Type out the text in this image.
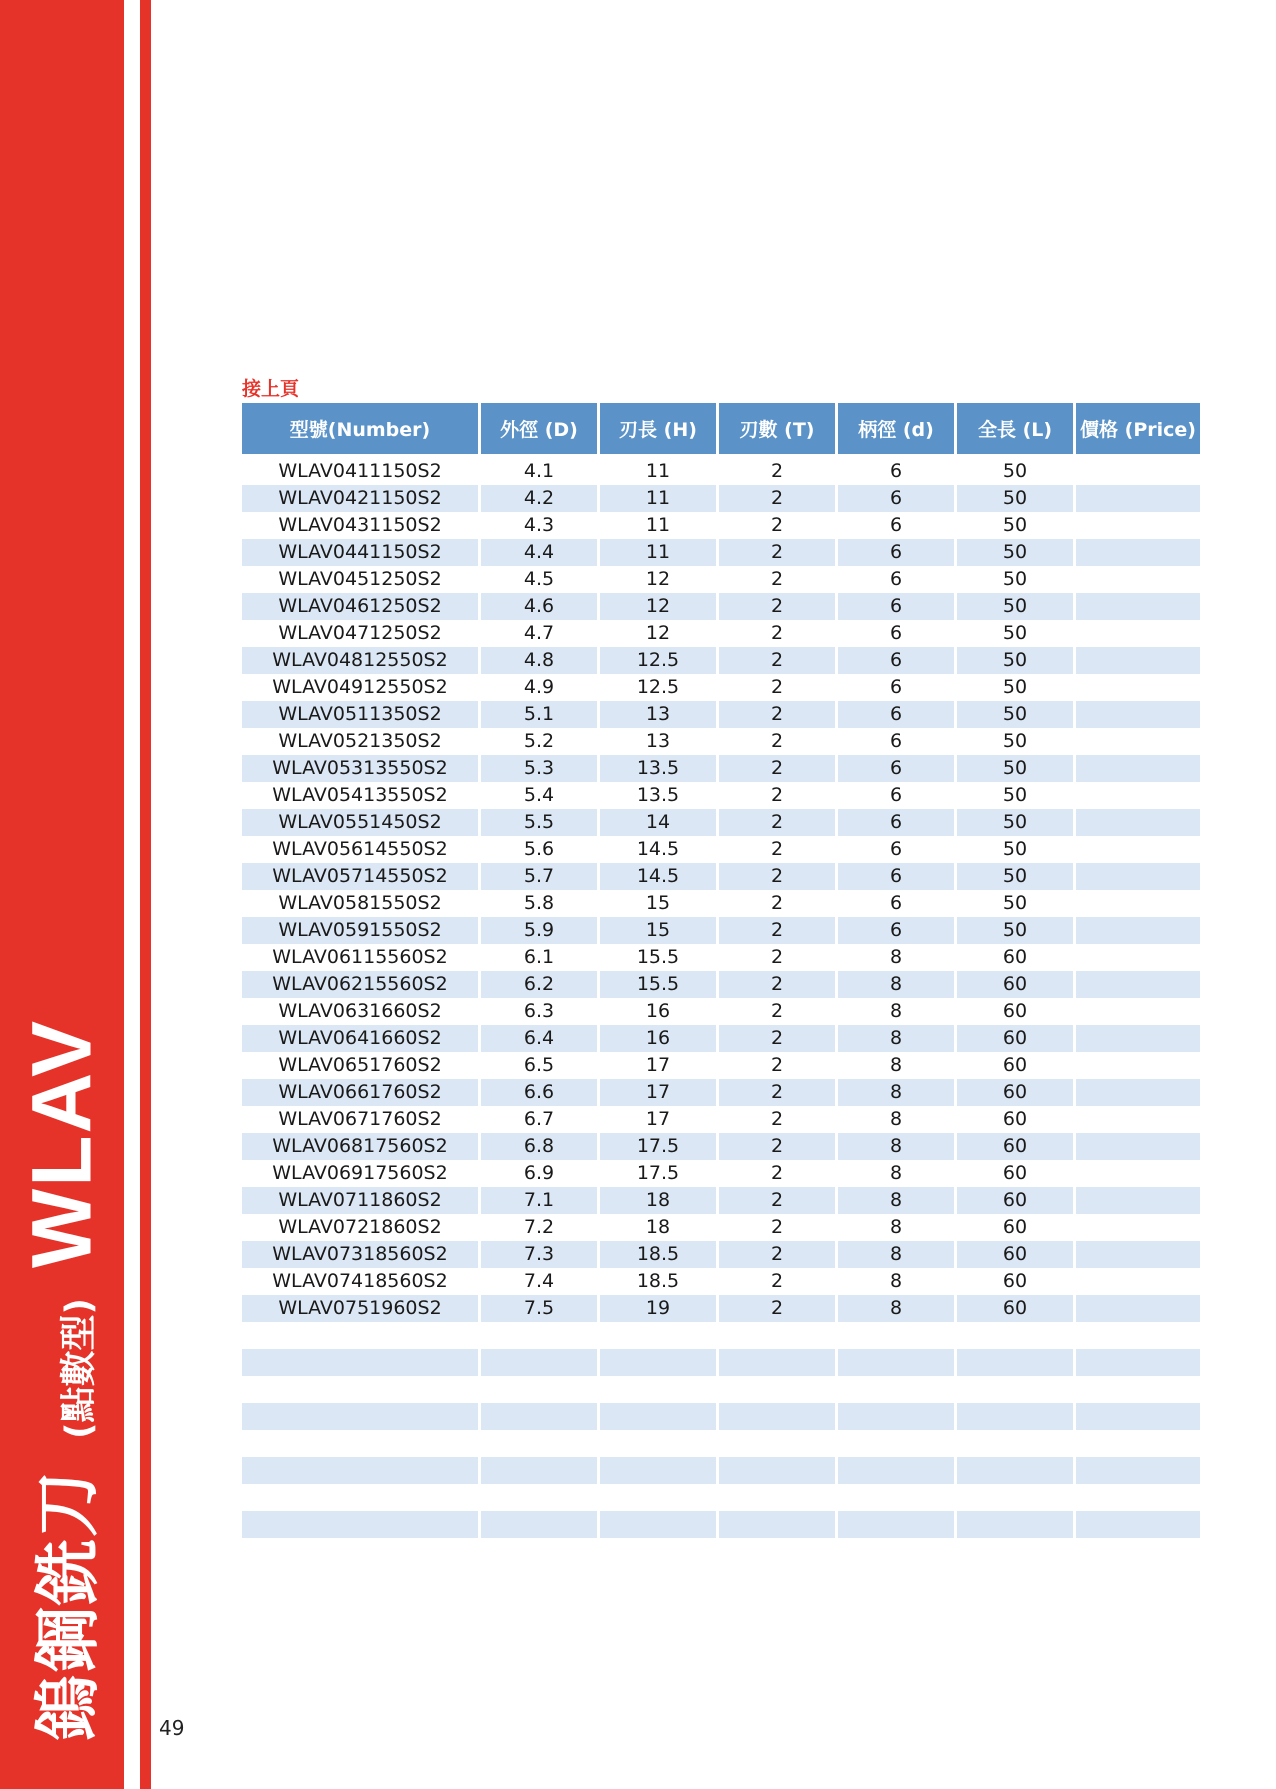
鎢鋼銑刀
(點數型)
WLAV
接上頁
型號(Number)	外徑 (D)	刃長 (H)	刃數 (T)	柄徑 (d)	全長 (L)	價格 (Price)
WLAV0411150S2	4.1	11	2	6	50	
WLAV0421150S2	4.2	11	2	6	50	
WLAV0431150S2	4.3	11	2	6	50	
WLAV0441150S2	4.4	11	2	6	50	
WLAV0451250S2	4.5	12	2	6	50	
WLAV0461250S2	4.6	12	2	6	50	
WLAV0471250S2	4.7	12	2	6	50	
WLAV04812550S2	4.8	12.5	2	6	50	
WLAV04912550S2	4.9	12.5	2	6	50	
WLAV0511350S2	5.1	13	2	6	50	
WLAV0521350S2	5.2	13	2	6	50	
WLAV05313550S2	5.3	13.5	2	6	50	
WLAV05413550S2	5.4	13.5	2	6	50	
WLAV0551450S2	5.5	14	2	6	50	
WLAV05614550S2	5.6	14.5	2	6	50	
WLAV05714550S2	5.7	14.5	2	6	50	
WLAV0581550S2	5.8	15	2	6	50	
WLAV0591550S2	5.9	15	2	6	50	
WLAV06115560S2	6.1	15.5	2	8	60	
WLAV06215560S2	6.2	15.5	2	8	60	
WLAV0631660S2	6.3	16	2	8	60	
WLAV0641660S2	6.4	16	2	8	60	
WLAV0651760S2	6.5	17	2	8	60	
WLAV0661760S2	6.6	17	2	8	60	
WLAV0671760S2	6.7	17	2	8	60	
WLAV06817560S2	6.8	17.5	2	8	60	
WLAV06917560S2	6.9	17.5	2	8	60	
WLAV0711860S2	7.1	18	2	8	60	
WLAV0721860S2	7.2	18	2	8	60	
WLAV07318560S2	7.3	18.5	2	8	60	
WLAV07418560S2	7.4	18.5	2	8	60	
WLAV0751960S2	7.5	19	2	8	60	

49
